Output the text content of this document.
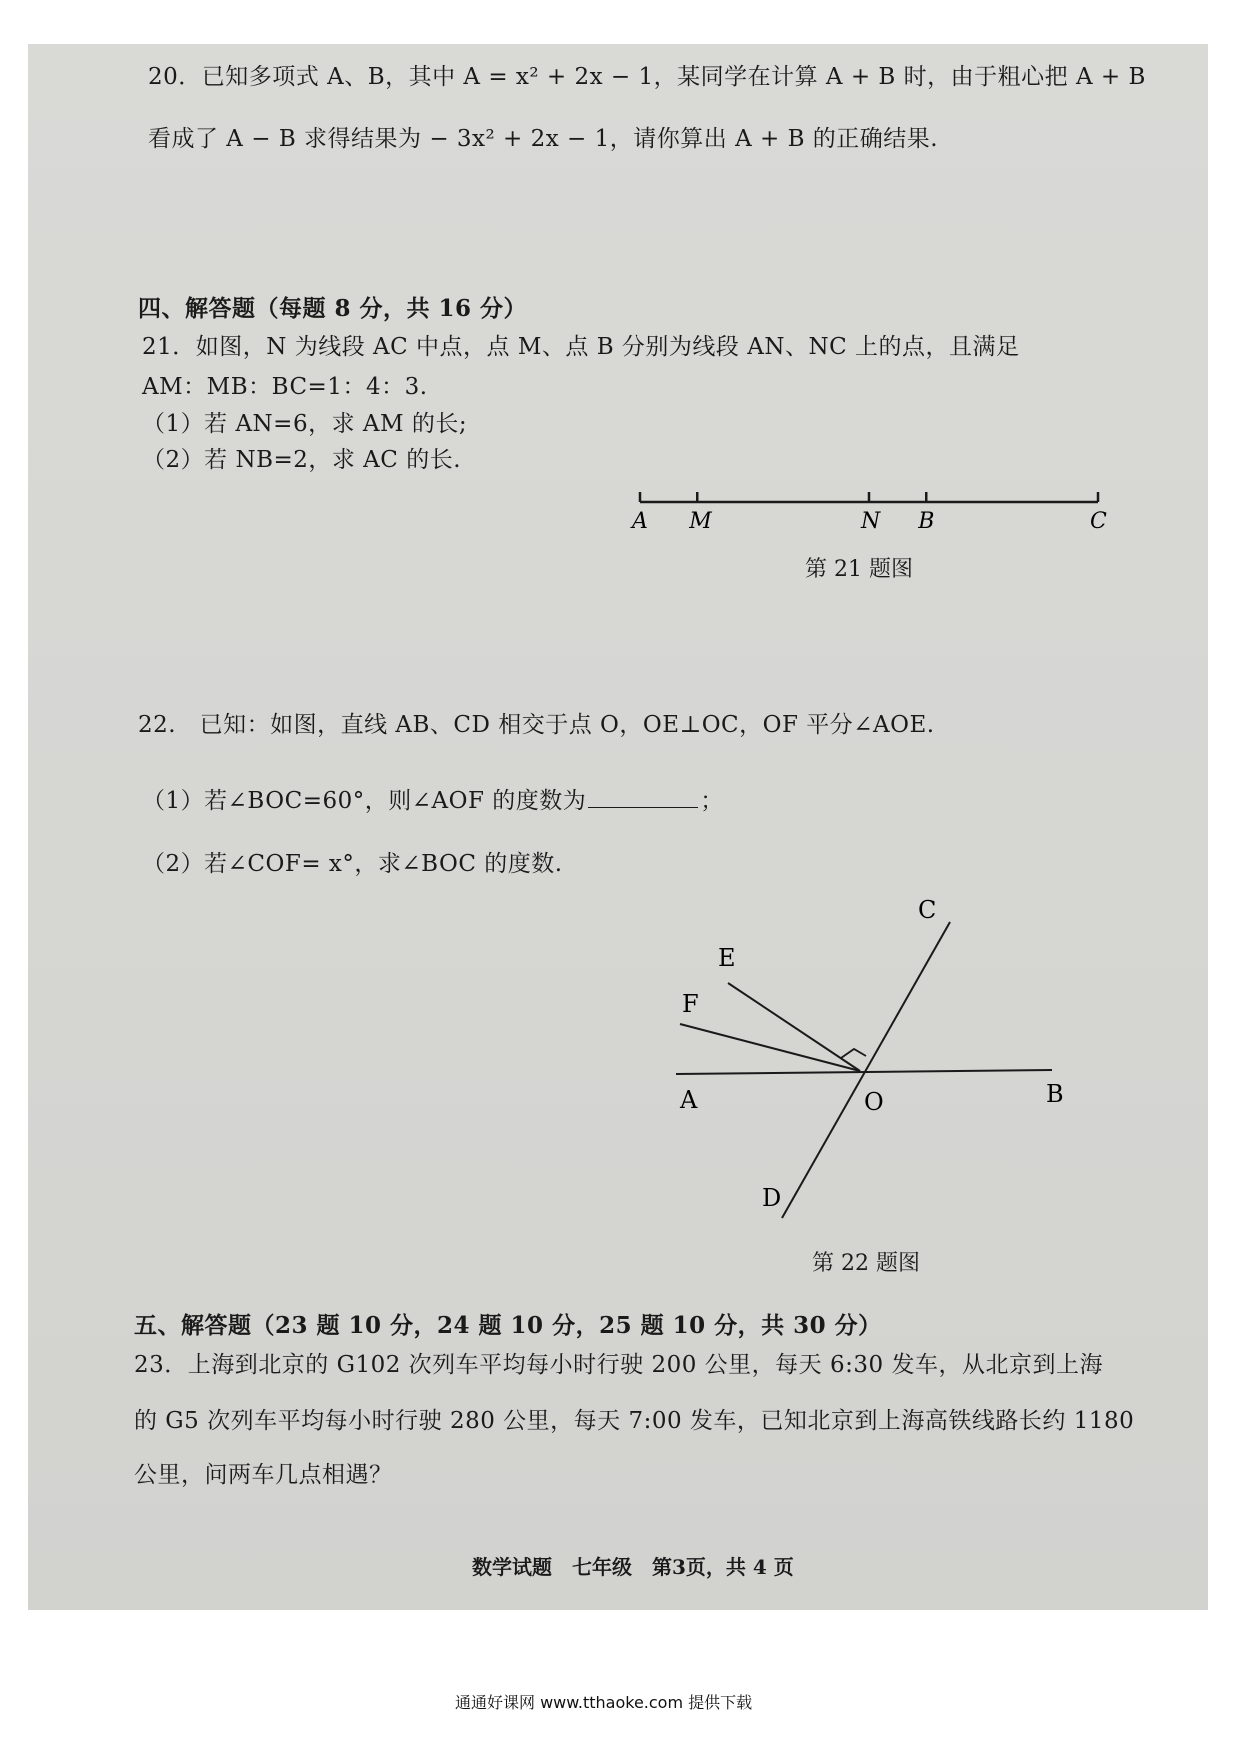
20．已知多项式 A、B，其中 A = x² + 2x − 1，某同学在计算 A + B 时，由于粗心把 A + B
看成了 A − B 求得结果为 − 3x² + 2x − 1，请你算出 A + B 的正确结果.
四、解答题（每题 8 分，共 16 分）
21．如图，N 为线段 AC 中点，点 M、点 B 分别为线段 AN、NC 上的点，且满足
AM：MB：BC=1：4：3.
（1）若 AN=6，求 AM 的长;
（2）若 NB=2，求 AC 的长.
A M	N B	C
第 21 题图
22.　已知：如图，直线 AB、CD 相交于点 O，OE⊥OC，OF 平分∠AOE.
（1）若∠BOC=60°，则∠AOF 的度数为	；
（2）若∠COF= x°，求∠BOC 的度数.
C
E
F
A	O	B
D
第 22 题图
五、解答题（23 题 10 分，24 题 10 分，25 题 10 分，共 30 分）
23．上海到北京的 G102 次列车平均每小时行驶 200 公里，每天 6:30 发车，从北京到上海
的 G5 次列车平均每小时行驶 280 公里，每天 7:00 发车，已知北京到上海高铁线路长约 1180
公里，问两车几点相遇？
数学试题　七年级　第3页，共 4 页
通通好课网 www.tthaoke.com 提供下载
